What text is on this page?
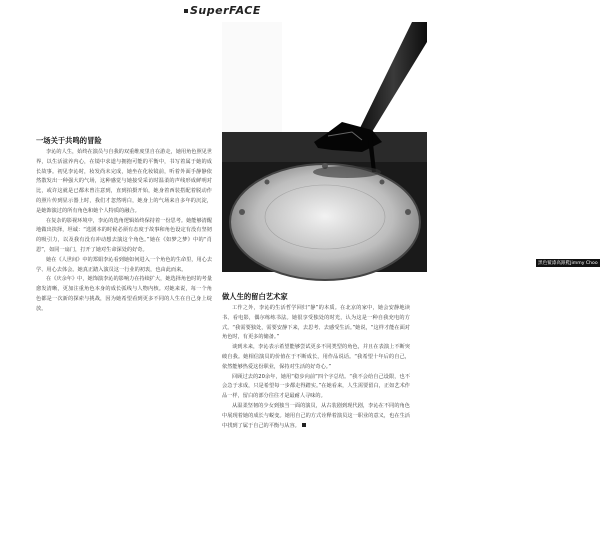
SuperFACE
黑色鲨漆高跟鞋Jimmy Choo
一场关于共鸣的冒险

李沁的人生，始终在演员与自我的双重维度里自在游走，她用角色照见世界，以生活滋养内心，在镜中求道与拥抱可能的平衡中，书写着属于她的成长故事。初见李沁时，妆发尚未完成，她坐在化妆镜前，听着外面手静静依然散发出一种强大的气场，这种感觉与她接受采访时温柔的声线形成鲜明对比，或许这就是已都未曾注意到，直到拍摄开始，她身着西装搭配着脱动作的照片传到显示器上时，我们才忽然明白，她身上的气场来自多年的沉淀，是她饰演过的所有角色和她个人特质的融合。

在复杂的影视环境中，李沁的选角逻辑始终保持着一份思考。她能够清醒地做出抉择，坦诚：“选剧本的时候必须有态度于故事和角色设定有没有坚韧的吸引力，以及我有没有冲动想去演这个角色。”她在《如梦之梦》中的“肖恩”，如同一扇门，打开了她对生命深处的好奇。

她在《人世间》中的郑娟李沁看到她如何进入一个角色的生命里，用心去学、用心去体会。她真正踏入演员这一行业的初衷，也由此而来。

在《庆余年》中，她饰演李沁的影响力在持续扩大，她选择角色时的考量愈发清晰，更加注重角色本身的成长弧线与人物内核。对她来说，每一个角色都是一次新的探索与挑战，因为她希望看到更多不同的人生在自己身上绽放。

做人生的留白艺术家

工作之外，李沁的生活哲学回归“静”的本质。在北京的家中，她会安静地读书、看电影，偶尔练练书法。她很享受独处的时光，认为这是一种自我充电的方式。“我需要独处，需要安静下来，去思考、去感受生活。”她说，“这样才能在面对角色时，有更多的储备。”

谈到未来，李沁表示希望能够尝试更多不同类型的角色，并且在表演上不断突破自我。她相信演员的价值在于不断成长，用作品说话。“我希望十年后的自己，依然能够热爱这份职业，保持对生活的好奇心。”

回顾过去的20余年，她用“稳步向前”四个字总结。“我不会给自己设限，也不会急于求成，只是希望每一步都走得踏实。”在她看来，人生需要留白，正如艺术作品一样，留白的部分往往才是最耐人寻味的。

从温柔坚韧的少女到独当一面的演员，从古装剧到现代剧，李沁在不同的角色中展现着她的成长与蜕变。她用自己的方式诠释着演员这一职业的意义，也在生活中找到了属于自己的平衡与从容。
